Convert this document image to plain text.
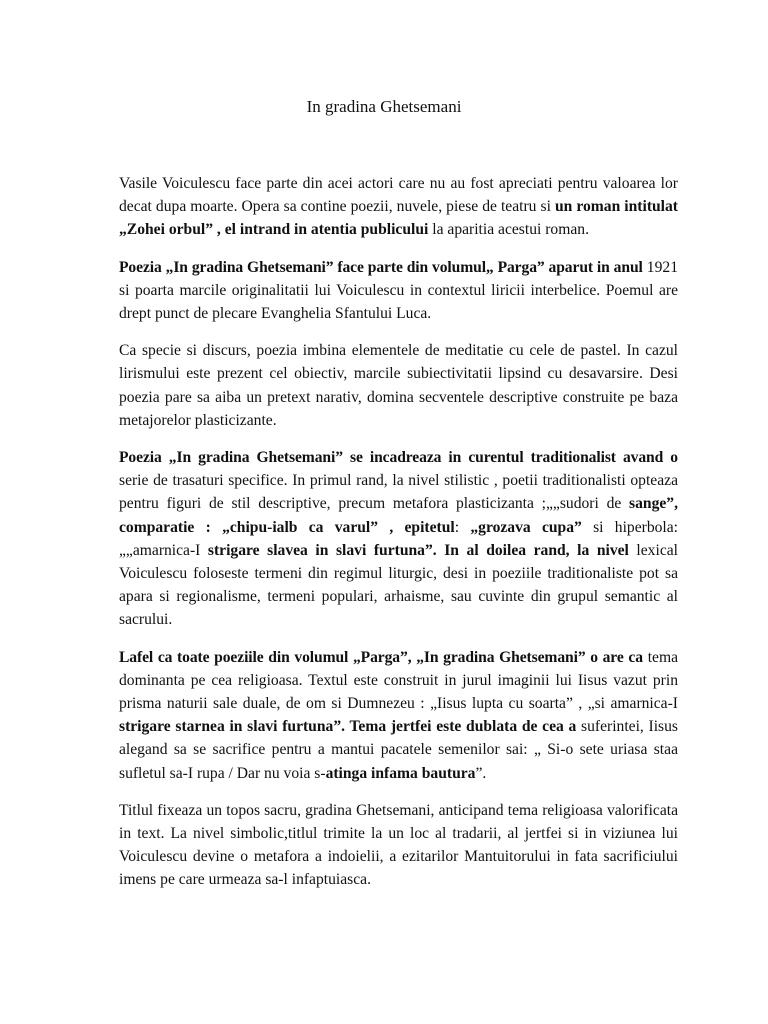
In gradina Ghetsemani

Vasile Voiculescu face parte din acei actori care nu au fost apreciati pentru valoarea lor decat dupa moarte. Opera sa contine poezii, nuvele, piese de teatru si un roman intitulat „Zohei orbul” , el intrand in atentia publicului la aparitia acestui roman.

Poezia „In gradina Ghetsemani” face parte din volumul„ Parga” aparut in anul 1921 si poarta marcile originalitatii lui Voiculescu in contextul liricii interbelice. Poemul are drept punct de plecare Evanghelia Sfantului Luca.

Ca specie si discurs, poezia imbina elementele de meditatie cu cele de pastel. In cazul lirismului este prezent cel obiectiv, marcile subiectivitatii lipsind cu desavarsire. Desi poezia pare sa aiba un pretext narativ, domina secventele descriptive construite pe baza metajorelor plasticizante.

Poezia „In gradina Ghetsemani” se incadreaza in curentul traditionalist avand o serie de trasaturi specifice. In primul rand, la nivel stilistic , poetii traditionalisti opteaza pentru figuri de stil descriptive, precum metafora plasticizanta ;„„sudori de sange”, comparatie : „chipu-ialb ca varul” , epitetul: „grozava cupa” si hiperbola:„„amarnica-I strigare slavea in slavi furtuna”. In al doilea rand, la nivel lexical Voiculescu foloseste termeni din regimul liturgic, desi in poeziile traditionaliste pot sa apara si regionalisme, termeni populari, arhaisme, sau cuvinte din grupul semantic al sacrului.

Lafel ca toate poeziile din volumul „Parga”, „In gradina Ghetsemani” o are ca tema dominanta pe cea religioasa. Textul este construit in jurul imaginii lui Iisus vazut prin prisma naturii sale duale, de om si Dumnezeu : „Iisus lupta cu soarta” , „si amarnica-I strigare starnea in slavi furtuna”. Tema jertfei este dublata de cea a suferintei, Iisus alegand sa se sacrifice pentru a mantui pacatele semenilor sai: „ Si-o sete uriasa staa sufletul sa-I rupa / Dar nu voia s-atinga infama bautura”.

Titlul fixeaza un topos sacru, gradina Ghetsemani, anticipand tema religioasa valorificata in text. La nivel simbolic,titlul trimite la un loc al tradarii, al jertfei si in viziunea lui Voiculescu devine o metafora a indoielii, a ezitarilor Mantuitorului in fata sacrificiului imens pe care urmeaza sa-l infaptuiasca.
